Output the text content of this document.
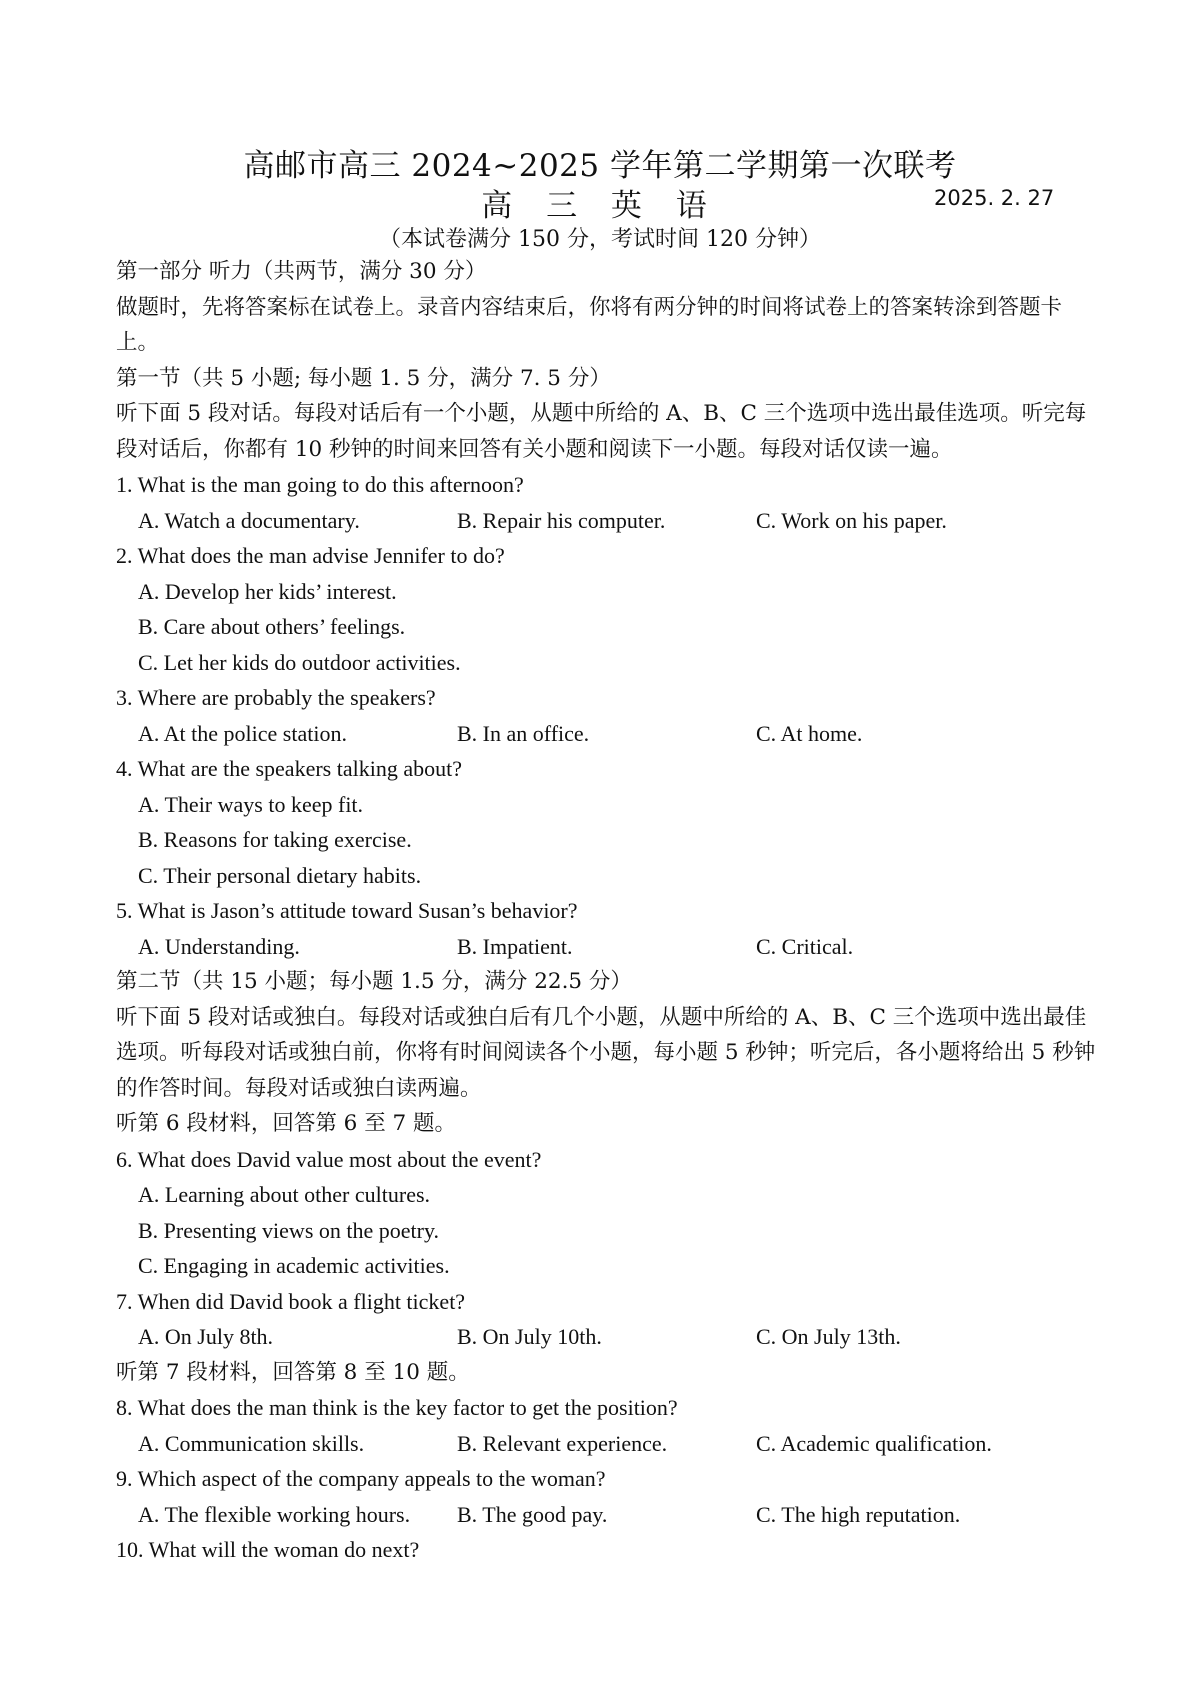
高邮市高三 2024~2025 学年第二学期第一次联考
高 三 英 语	2025. 2. 27
（本试卷满分 150 分，考试时间 120 分钟）
第一部分 听力（共两节，满分 30 分）
做题时，先将答案标在试卷上。录音内容结束后，你将有两分钟的时间将试卷上的答案转涂到答题卡上。
第一节（共 5 小题; 每小题 1. 5 分，满分 7. 5 分）
听下面 5 段对话。每段对话后有一个小题，从题中所给的 A、B、C 三个选项中选出最佳选项。听完每段对话后，你都有 10 秒钟的时间来回答有关小题和阅读下一小题。每段对话仅读一遍。
1. What is the man going to do this afternoon?
A. Watch a documentary.	B. Repair his computer.	C. Work on his paper.
2. What does the man advise Jennifer to do?
A. Develop her kids’ interest.
B. Care about others’ feelings.
C. Let her kids do outdoor activities.
3. Where are probably the speakers?
A. At the police station.	B. In an office.	C. At home.
4. What are the speakers talking about?
A. Their ways to keep fit.
B. Reasons for taking exercise.
C. Their personal dietary habits.
5. What is Jason’s attitude toward Susan’s behavior?
A. Understanding.	B. Impatient.	C. Critical.
第二节（共 15 小题；每小题 1.5 分，满分 22.5 分）
听下面 5 段对话或独白。每段对话或独白后有几个小题，从题中所给的 A、B、C 三个选项中选出最佳选项。听每段对话或独白前，你将有时间阅读各个小题，每小题 5 秒钟；听完后，各小题将给出 5 秒钟的作答时间。每段对话或独白读两遍。
听第 6 段材料，回答第 6 至 7 题。
6. What does David value most about the event?
A. Learning about other cultures.
B. Presenting views on the poetry.
C. Engaging in academic activities.
7. When did David book a flight ticket?
A. On July 8th.	B. On July 10th.	C. On July 13th.
听第 7 段材料，回答第 8 至 10 题。
8. What does the man think is the key factor to get the position?
A. Communication skills.	B. Relevant experience.	C. Academic qualification.
9. Which aspect of the company appeals to the woman?
A. The flexible working hours. B. The good pay.	C. The high reputation.
10. What will the woman do next?
